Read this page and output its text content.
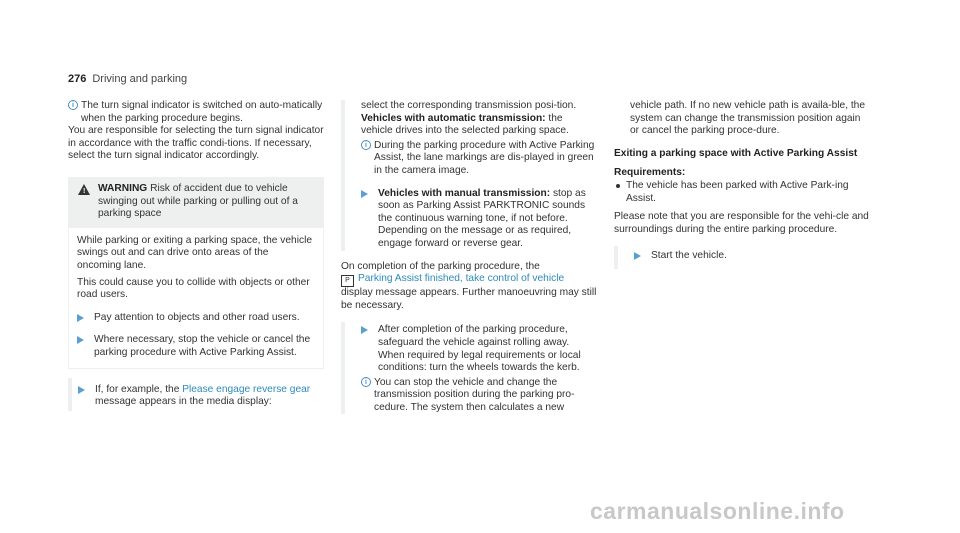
276 Driving and parking
i The turn signal indicator is switched on auto-matically when the parking procedure begins.

You are responsible for selecting the turn signal indicator in accordance with the traffic condi-tions. If necessary, select the turn signal indicator accordingly.

! WARNING Risk of accident due to vehicle swinging out while parking or pulling out of a parking space

While parking or exiting a parking space, the vehicle swings out and can drive onto areas of the oncoming lane.

This could cause you to collide with objects or other road users.

Pay attention to objects and other road users.

Where necessary, stop the vehicle or cancel the parking procedure with Active Parking Assist.

If, for example, the Please engage reverse gear message appears in the media display:

select the corresponding transmission posi-tion.

Vehicles with automatic transmission: the vehicle drives into the selected parking space.

i During the parking procedure with Active Parking Assist, the lane markings are dis-played in green in the camera image.

Vehicles with manual transmission: stop as soon as Parking Assist PARKTRONIC sounds the continuous warning tone, if not before. Depending on the message or as required, engage forward or reverse gear.

On completion of the parking procedure, the
P Parking Assist finished, take control of vehicle display message appears. Further manoeuvring may still be necessary.

After completion of the parking procedure, safeguard the vehicle against rolling away. When required by legal requirements or local conditions: turn the wheels towards the kerb.

i You can stop the vehicle and change the transmission position during the parking pro-cedure. The system then calculates a new

vehicle path. If no new vehicle path is availa-ble, the system can change the transmission position again or cancel the parking proce-dure.

Exiting a parking space with Active Parking Assist

Requirements:

The vehicle has been parked with Active Park-ing Assist.

Please note that you are responsible for the vehi-cle and surroundings during the entire parking procedure.

Start the vehicle.

carmanualsonline.info
